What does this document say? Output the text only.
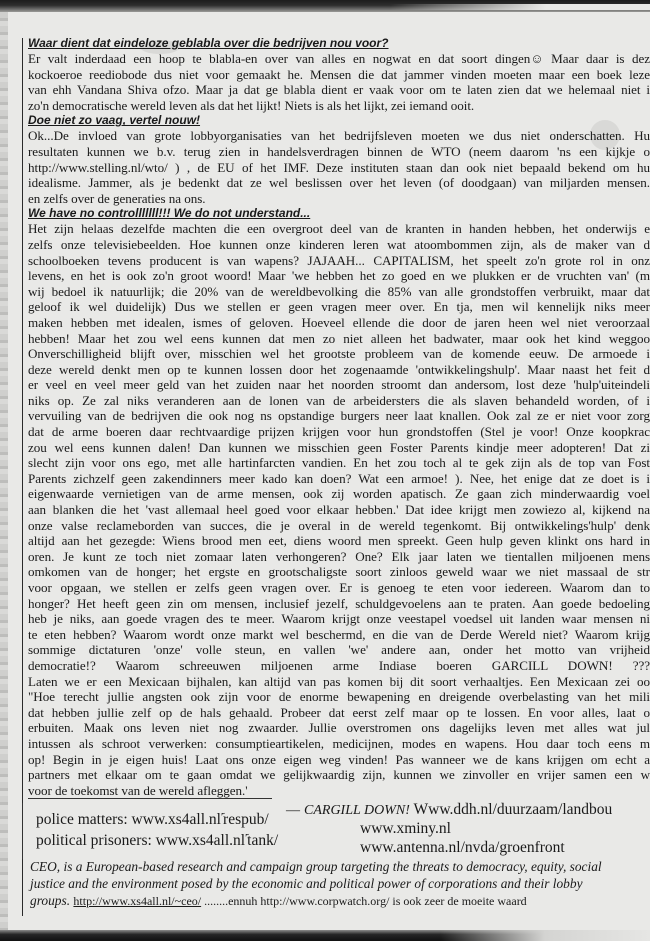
Waar dient dat eindeloze geblabla over die bedrijven nou voor?

Er valt inderdaad een hoop te blabla-en over van alles en nogwat en dat soort dingen☺ Maar daar is dez

kockoeroe reediobode dus niet voor gemaakt he. Mensen die dat jammer vinden moeten maar een boek leze

van ehh Vandana Shiva ofzo. Maar ja dat ge blabla dient er vaak voor om te laten zien dat we helemaal niet i

zo'n democratische wereld leven als dat het lijkt! Niets is als het lijkt, zei iemand ooit.

Doe niet zo vaag, vertel nouw!

Ok...De invloed van grote lobbyorganisaties van het bedrijfsleven moeten we dus niet onderschatten. Hu

resultaten kunnen we b.v. terug zien in handelsverdragen binnen de WTO (neem daarom 'ns een kijkje o

http://www.stelling.nl/wto/ ) , de EU of het IMF. Deze instituten staan dan ook niet bepaald bekend om hu

idealisme. Jammer, als je bedenkt dat ze wel beslissen over het leven (of doodgaan) van miljarden mensen.

en zelfs over de generaties na ons.

We have no controlllllll!!! We do not understand...

Het zijn helaas dezelfde machten die een overgroot deel van de kranten in handen hebben, het onderwijs e

zelfs onze televisiebeelden. Hoe kunnen onze kinderen leren wat atoombommen zijn, als de maker van d

schoolboeken tevens producent is van wapens? JAJAAH... CAPITALISM, het speelt zo'n grote rol in onz

levens, en het is ook zo'n groot woord! Maar 'we hebben het zo goed en we plukken er de vruchten van' (m

wij bedoel ik natuurlijk; die 20% van de wereldbevolking die 85% van alle grondstoffen verbruikt, maar dat

geloof ik wel duidelijk) Dus we stellen er geen vragen meer over. En tja, men wil kennelijk niks meer

maken hebben met idealen, ismes of geloven. Hoeveel ellende die door de jaren heen wel niet veroorzaal

hebben! Maar het zou wel eens kunnen dat men zo niet alleen het badwater, maar ook het kind weggoo

Onverschilligheid blijft over, misschien wel het grootste probleem van de komende eeuw. De armoede i

deze wereld denkt men op te kunnen lossen door het zogenaamde 'ontwikkelingshulp'. Maar naast het feit d

er veel en veel meer geld van het zuiden naar het noorden stroomt dan andersom, lost deze 'hulp'uiteindeli

niks op. Ze zal niks veranderen aan de lonen van de arbeidersters die als slaven behandeld worden, of i

vervuiling van de bedrijven die ook nog ns opstandige burgers neer laat knallen. Ook zal ze er niet voor zorg

dat de arme boeren daar rechtvaardige prijzen krijgen voor hun grondstoffen (Stel je voor! Onze koopkrac

zou wel eens kunnen dalen! Dan kunnen we misschien geen Foster Parents kindje meer adopteren! Dat zi

slecht zijn voor ons ego, met alle hartinfarcten vandien. En het zou toch al te gek zijn als de top van Fost

Parents zichzelf geen zakendinners meer kado kan doen? Wat een armoe! ). Nee, het enige dat ze doet is i

eigenwaarde vernietigen van de arme mensen, ook zij worden apatisch. Ze gaan zich minderwaardig voel

aan blanken die het 'vast allemaal heel goed voor elkaar hebben.' Dat idee krijgt men zowiezo al, kijkend na

onze valse reclameborden van succes, die je overal in de wereld tegenkomt. Bij ontwikkelings'hulp' denk

altijd aan het gezegde: Wiens brood men eet, diens woord men spreekt. Geen hulp geven klinkt ons hard in

oren. Je kunt ze toch niet zomaar laten verhongeren? One? Elk jaar laten we tientallen miljoenen mens

omkomen van de honger; het ergste en grootschaligste soort zinloos geweld waar we niet massaal de str

voor opgaan, we stellen er zelfs geen vragen over. Er is genoeg te eten voor iedereen. Waarom dan to

honger? Het heeft geen zin om mensen, inclusief jezelf, schuldgevoelens aan te praten. Aan goede bedoeling

heb je niks, aan goede vragen des te meer. Waarom krijgt onze veestapel voedsel uit landen waar mensen ni

te eten hebben? Waarom wordt onze markt wel beschermd, en die van de Derde Wereld niet? Waarom krijg

sommige dictaturen 'onze' volle steun, en vallen 'we' andere aan, onder het motto van vrijheid

democratie!? Waarom schreeuwen miljoenen arme Indiase boeren GARCILL DOWN! ???

Laten we er een Mexicaan bijhalen, kan altijd van pas komen bij dit soort verhaaltjes. Een Mexicaan zei oo

"Hoe terecht jullie angsten ook zijn voor de enorme bewapening en dreigende overbelasting van het mili

dat hebben jullie zelf op de hals gehaald. Probeer dat eerst zelf maar op te lossen. En voor alles, laat o

erbuiten. Maak ons leven niet nog zwaarder. Jullie overstromen ons dagelijks leven met alles wat jul

intussen als schroot verwerken: consumptieartikelen, medicijnen, modes en wapens. Hou daar toch eens m

op! Begin in je eigen huis! Laat ons onze eigen weg vinden! Pas wanneer we de kans krijgen om echt a

partners met elkaar om te gaan omdat we gelijkwaardig zijn, kunnen we zinvoller en vrijer samen een w

voor de toekomst van de wereld afleggen.'

police matters: www.xs4all.nl′˜respub/
political prisoners: www.xs4all.nl′˜tank/
— CARGILL DOWN! Www.ddh.nl/duurzaam/landbou
www.xminy.nl
www.antenna.nl/nvda/groenfront

CEO, is a European-based research and campaign group targeting the threats to democracy, equity, social

justice and the environment posed by the economic and political power of corporations and their lobby

groups. http://www.xs4all.nl/~ceo/ ........ennuh http://www.corpwatch.org/ is ook zeer de moeite waard
